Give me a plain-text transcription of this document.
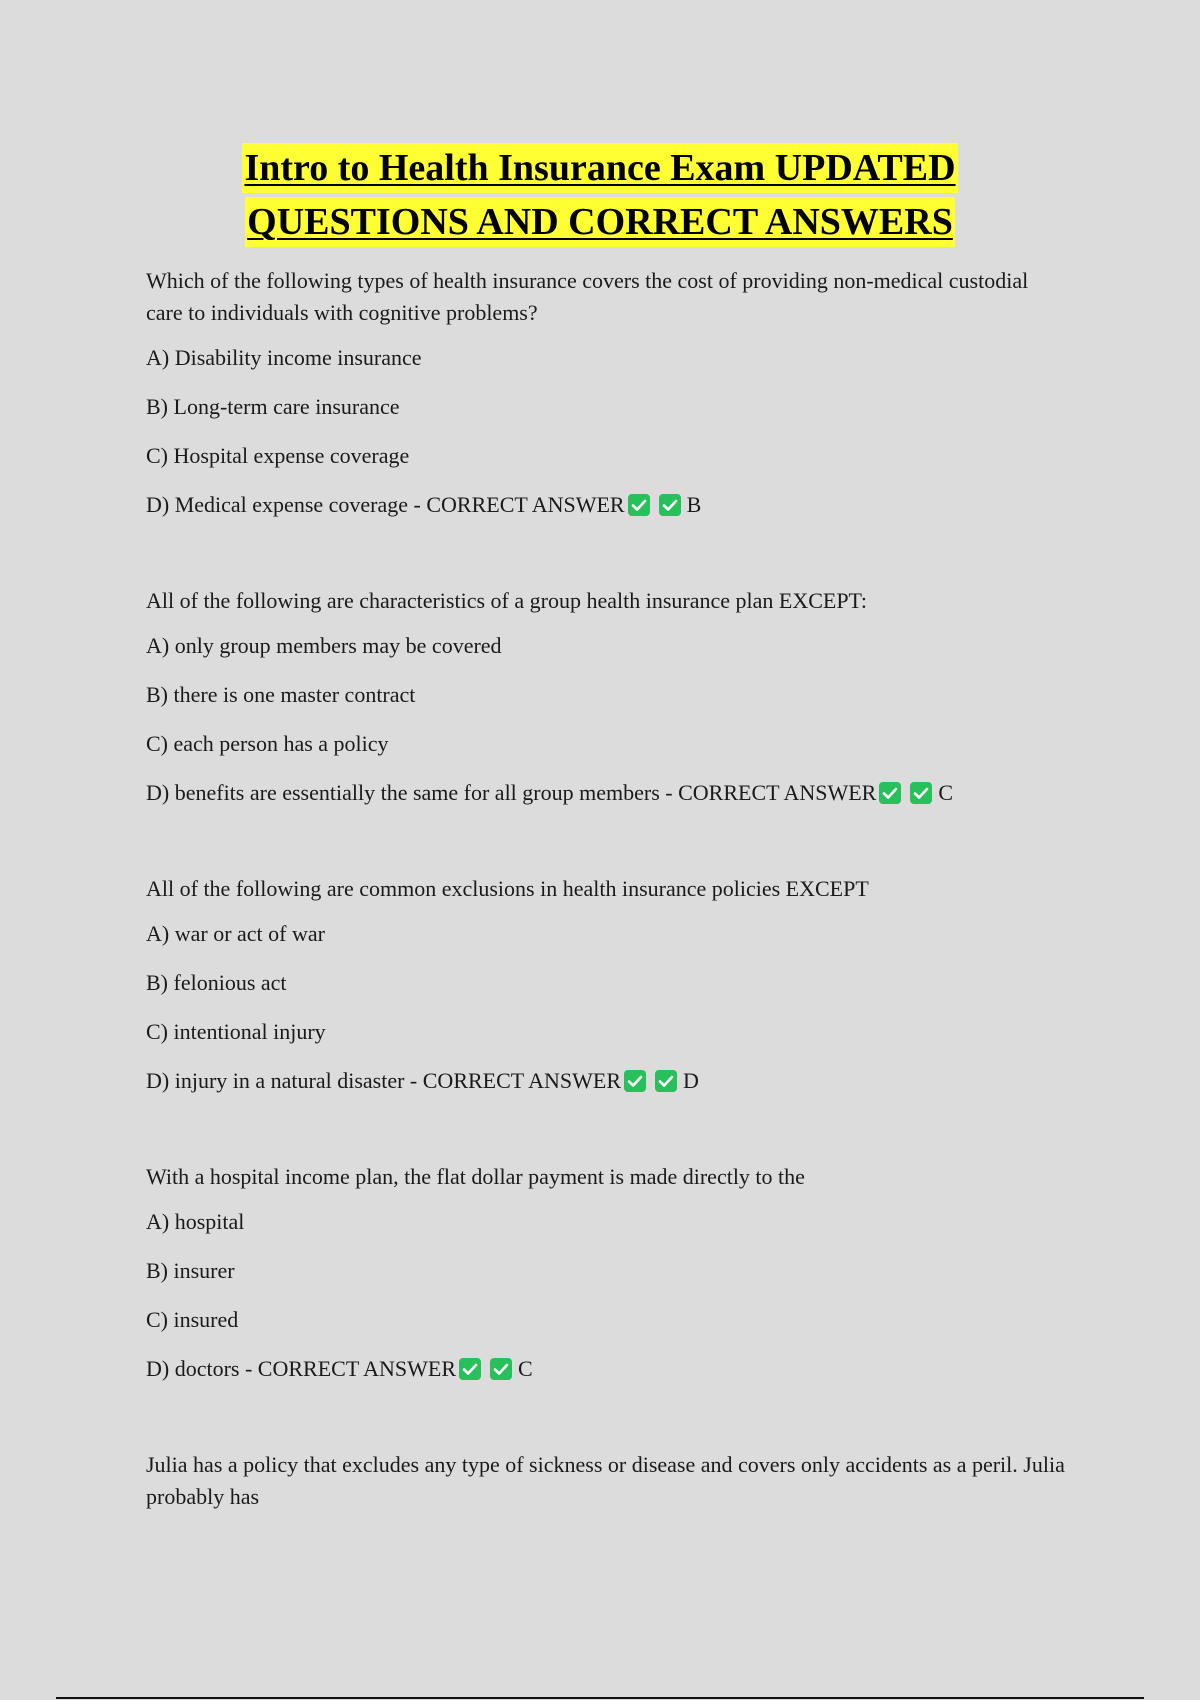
Intro to Health Insurance Exam UPDATED
QUESTIONS AND CORRECT ANSWERS

Which of the following types of health insurance covers the cost of providing non-medical custodial care to individuals with cognitive problems?

A) Disability income insurance
B) Long-term care insurance
C) Hospital expense coverage
D) Medical expense coverage - CORRECT ANSWER	B

All of the following are characteristics of a group health insurance plan EXCEPT:

A) only group members may be covered
B) there is one master contract
C) each person has a policy
D) benefits are essentially the same for all group members - CORRECT ANSWER	C

All of the following are common exclusions in health insurance policies EXCEPT

A) war or act of war
B) felonious act
C) intentional injury
D) injury in a natural disaster - CORRECT ANSWER	D

With a hospital income plan, the flat dollar payment is made directly to the

A) hospital
B) insurer
C) insured
D) doctors - CORRECT ANSWER	C

Julia has a policy that excludes any type of sickness or disease and covers only accidents as a peril. Julia probably has
